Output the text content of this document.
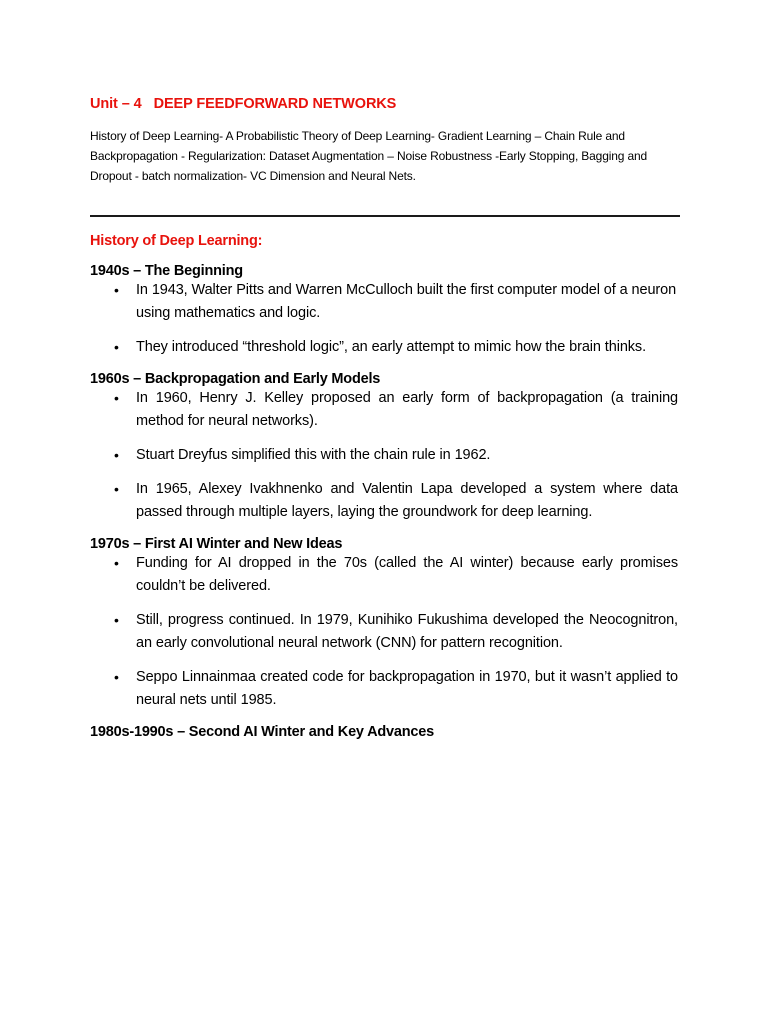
Unit – 4 DEEP FEEDFORWARD NETWORKS

History of Deep Learning- A Probabilistic Theory of Deep Learning- Gradient Learning – Chain Rule and Backpropagation - Regularization: Dataset Augmentation – Noise Robustness -Early Stopping, Bagging and Dropout - batch normalization- VC Dimension and Neural Nets.

History of Deep Learning:
1940s – The Beginning
• In 1943, Walter Pitts and Warren McCulloch built the first computer model of a neuron using mathematics and logic.
• They introduced “threshold logic”, an early attempt to mimic how the brain thinks.
1960s – Backpropagation and Early Models
• In 1960, Henry J. Kelley proposed an early form of backpropagation (a training method for neural networks).
• Stuart Dreyfus simplified this with the chain rule in 1962.
• In 1965, Alexey Ivakhnenko and Valentin Lapa developed a system where data passed through multiple layers, laying the groundwork for deep learning.
1970s – First AI Winter and New Ideas
• Funding for AI dropped in the 70s (called the AI winter) because early promises couldn’t be delivered.
• Still, progress continued. In 1979, Kunihiko Fukushima developed the Neocognitron, an early convolutional neural network (CNN) for pattern recognition.
• Seppo Linnainmaa created code for backpropagation in 1970, but it wasn’t applied to neural nets until 1985.
1980s-1990s – Second AI Winter and Key Advances
